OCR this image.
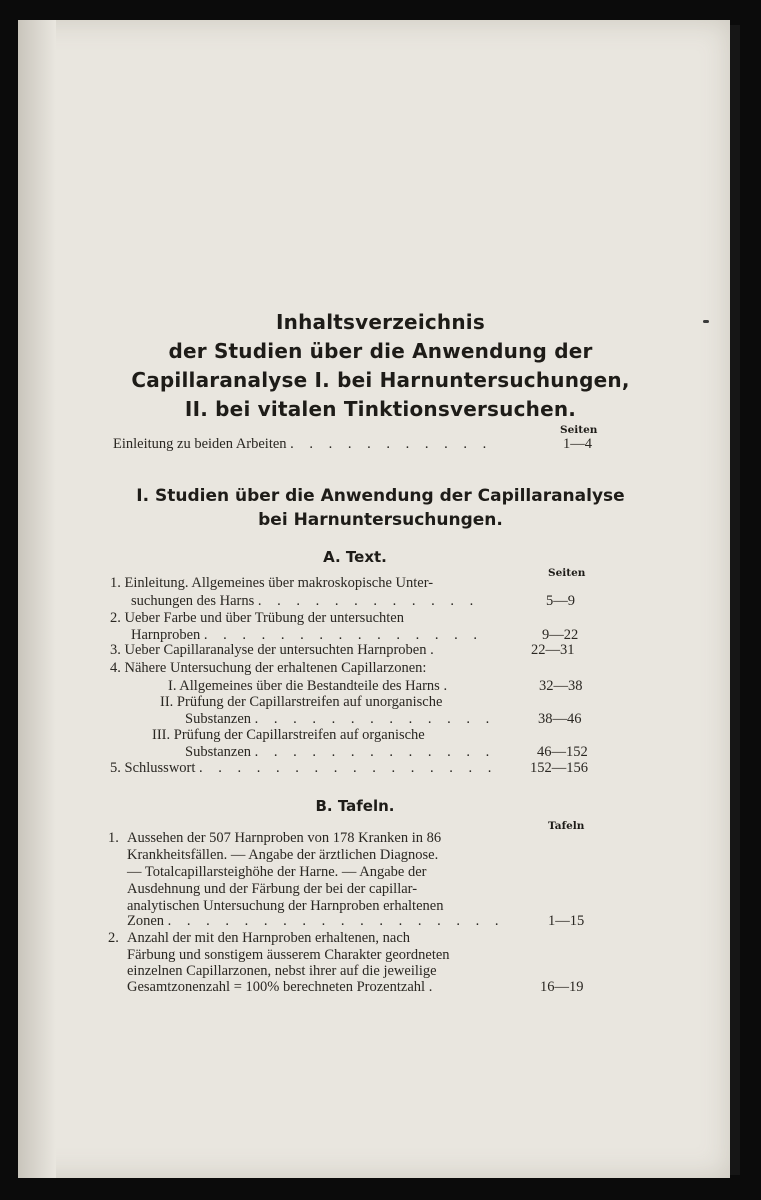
Inhaltsverzeichnis
der Studien über die Anwendung der
Capillaranalyse I. bei Harnuntersuchungen,
II. bei vitalen Tinktionsversuchen.
Seiten
Einleitung zu beiden Arbeiten . . . . . . . . . . .	1—4
I. Studien über die Anwendung der Capillaranalyse
bei Harnuntersuchungen.
A. Text.
Seiten
1. Einleitung. Allgemeines über makroskopische Unter-
suchungen des Harns . . . . . . . . . . . .	5—9
2. Ueber Farbe und über Trübung der untersuchten
Harnproben . . . . . . . . . . . . . . .	9—22
3. Ueber Capillaranalyse der untersuchten Harnproben .	22—31
4. Nähere Untersuchung der erhaltenen Capillarzonen:
I. Allgemeines über die Bestandteile des Harns .	32—38
II. Prüfung der Capillarstreifen auf unorganische
Substanzen . . . . . . . . . . . . .	38—46
III. Prüfung der Capillarstreifen auf organische
Substanzen . . . . . . . . . . . . .	46—152
5. Schlusswort . . . . . . . . . . . . . . . . 152—156
B. Tafeln.
Tafeln
1. Aussehen der 507 Harnproben von 178 Kranken in 86
Krankheitsfällen. — Angabe der ärztlichen Diagnose.
— Totalcapillarsteighöhe der Harne. — Angabe der
Ausdehnung und der Färbung der bei der capillar-
analytischen Untersuchung der Harnproben erhaltenen
Zonen . . . . . . . . . . . . . . . . . .	1—15
2. Anzahl der mit den Harnproben erhaltenen, nach
Färbung und sonstigem äusserem Charakter geordneten
einzelnen Capillarzonen, nebst ihrer auf die jeweilige
Gesamtzonenzahl = 100% berechneten Prozentzahl .	16—19
